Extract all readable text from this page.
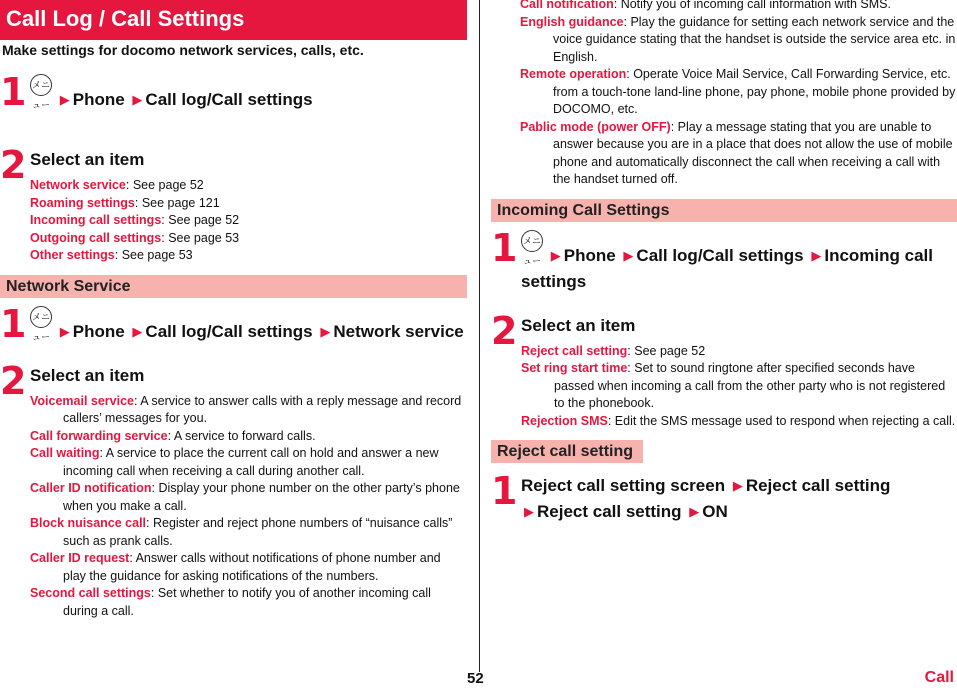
Call Log / Call Settings
Make settings for docomo network services, calls, etc.
1 メニュー ▶ Phone ▶ Call log/Call settings
2 Select an item
Network service: See page 52
Roaming settings: See page 121
Incoming call settings: See page 52
Outgoing call settings: See page 53
Other settings: See page 53
Network Service
1 メニュー ▶ Phone ▶ Call log/Call settings ▶ Network service
2 Select an item
Voicemail service: A service to answer calls with a reply message and record callers’ messages for you.
Call forwarding service: A service to forward calls.
Call waiting: A service to place the current call on hold and answer a new incoming call when receiving a call during another call.
Caller ID notification: Display your phone number on the other party’s phone when you make a call.
Block nuisance call: Register and reject phone numbers of “nuisance calls” such as prank calls.
Caller ID request: Answer calls without notifications of phone number and play the guidance for asking notifications of the numbers.
Second call settings: Set whether to notify you of another incoming call during a call.
Call notification: Notify you of incoming call information with SMS.
English guidance: Play the guidance for setting each network service and the voice guidance stating that the handset is outside the service area etc. in English.
Remote operation: Operate Voice Mail Service, Call Forwarding Service, etc. from a touch-tone land-line phone, pay phone, mobile phone provided by DOCOMO, etc.
Pablic mode (power OFF): Play a message stating that you are unable to answer because you are in a place that does not allow the use of mobile phone and automatically disconnect the call when receiving a call with the handset turned off.
Incoming Call Settings
1 メニュー ▶ Phone ▶ Call log/Call settings ▶ Incoming call settings
2 Select an item
Reject call setting: See page 52
Set ring start time: Set to sound ringtone after specified seconds have passed when incoming a call from the other party who is not registered to the phonebook.
Rejection SMS: Edit the SMS message used to respond when rejecting a call.
Reject call setting
1 Reject call setting screen ▶ Reject call setting ▶ Reject call setting ▶ ON
52	Call
